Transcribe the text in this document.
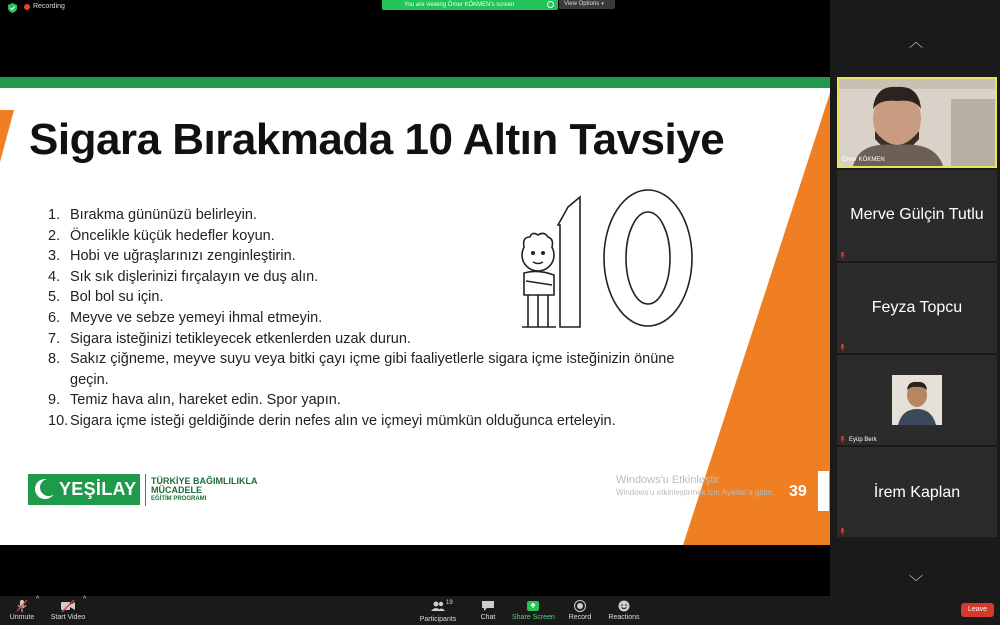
Recording	You are viewing Ömer KÖKMEN's screen	View Options ▾
Sigara Bırakmada 10 Altın Tavsiye
1. Bırakma gününüzü belirleyin.
2. Öncelikle küçük hedefler koyun.
3. Hobi ve uğraşlarınızı zenginleştirin.
4. Sık sık dişlerinizi fırçalayın ve duş alın.
5. Bol bol su için.
6. Meyve ve sebze yemeyi ihmal etmeyin.
7. Sigara isteğinizi tetikleyecek etkenlerden uzak durun.
8. Sakız çiğneme, meyve suyu veya bitki çayı içme gibi faaliyetlerle sigara içme isteğinizin önüne geçin.
9. Temiz hava alın, hareket edin. Spor yapın.
10. Sigara içme isteği geldiğinde derin nefes alın ve içmeyi mümkün olduğunca erteleyin.
YEŞİLAY TÜRKİYE BAĞIMLILIKLA
MÜCADELE
EĞİTİM PROGRAMI
Windows'u Etkinleştir
Windows'u etkinleştirmek için Ayarlar'a gidin. 39
︿
Ömer KÖKMEN
Merve Gülçin Tutlu
Feyza Topcu
Eyüp Berk
İrem Kaplan
﹀
Unmute
^
Start Video
^	19
Participants	Chat	Share Screen	Record	Reactions
Leave
